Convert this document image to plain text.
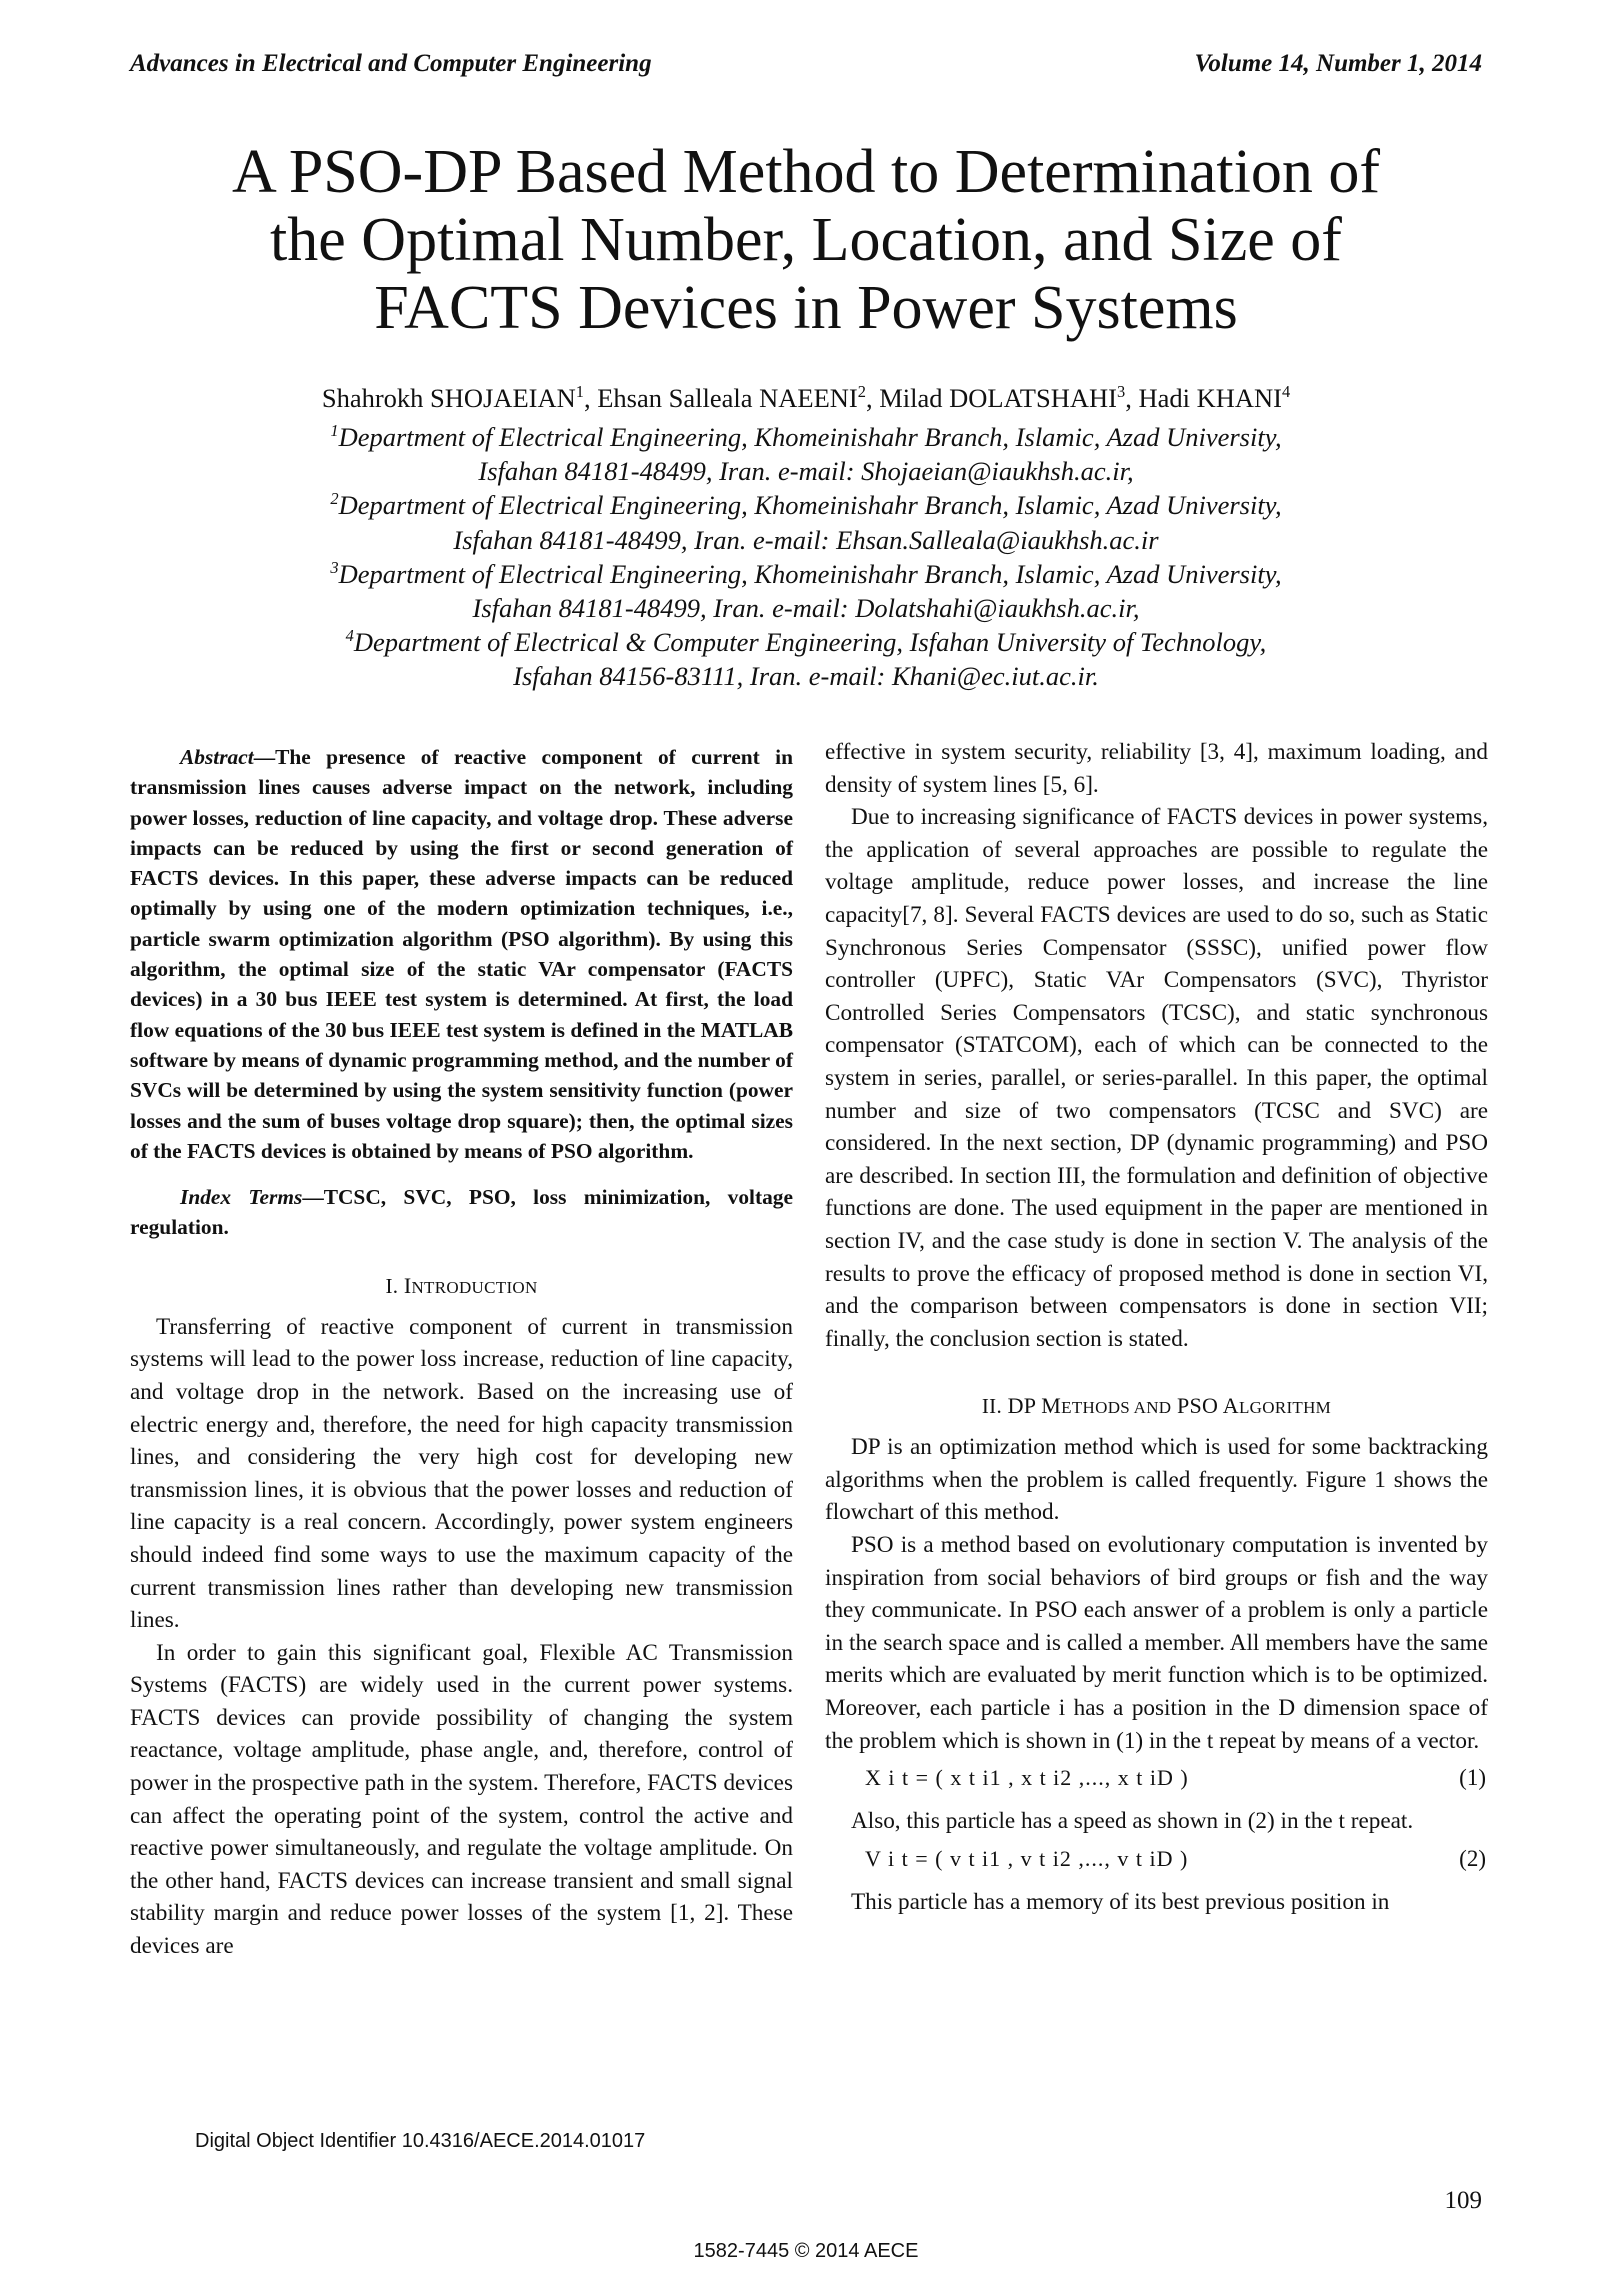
Advances in Electrical and Computer Engineering	Volume 14, Number 1, 2014
A PSO-DP Based Method to Determination of
the Optimal Number, Location, and Size of
FACTS Devices in Power Systems
Shahrokh SHOJAEIAN$^1$, Ehsan Salleala NAEENI$^2$, Milad DOLATSHAHI$^3$, Hadi KHANI$^4$
$^1$Department of Electrical Engineering, Khomeinishahr Branch, Islamic, Azad University,
Isfahan 84181-48499, Iran. e-mail: Shojaeian@iaukhsh.ac.ir,
$^2$Department of Electrical Engineering, Khomeinishahr Branch, Islamic, Azad University,
Isfahan 84181-48499, Iran. e-mail: Ehsan.Salleala@iaukhsh.ac.ir
$^3$Department of Electrical Engineering, Khomeinishahr Branch, Islamic, Azad University,
Isfahan 84181-48499, Iran. e-mail: Dolatshahi@iaukhsh.ac.ir,
$^4$Department of Electrical & Computer Engineering, Isfahan University of Technology,
Isfahan 84156-83111, Iran. e-mail: Khani@ec.iut.ac.ir.

Abstract—The presence of reactive component of current in transmission lines causes adverse impact on the network, including power losses, reduction of line capacity, and voltage drop. These adverse impacts can be reduced by using the first or second generation of FACTS devices. In this paper, these adverse impacts can be reduced optimally by using one of the modern optimization techniques, i.e., particle swarm optimization algorithm (PSO algorithm). By using this algorithm, the optimal size of the static VAr compensator (FACTS devices) in a 30 bus IEEE test system is determined. At first, the load flow equations of the 30 bus IEEE test system is defined in the MATLAB software by means of dynamic programming method, and the number of SVCs will be determined by using the system sensitivity function (power losses and the sum of buses voltage drop square); then, the optimal sizes of the FACTS devices is obtained by means of PSO algorithm.

Index Terms—TCSC, SVC, PSO, loss minimization, voltage regulation.

I. INTRODUCTION

Transferring of reactive component of current in transmission systems will lead to the power loss increase, reduction of line capacity, and voltage drop in the network. Based on the increasing use of electric energy and, therefore, the need for high capacity transmission lines, and considering the very high cost for developing new transmission lines, it is obvious that the power losses and reduction of line capacity is a real concern. Accordingly, power system engineers should indeed find some ways to use the maximum capacity of the current transmission lines rather than developing new transmission lines.

In order to gain this significant goal, Flexible AC Transmission Systems (FACTS) are widely used in the current power systems. FACTS devices can provide possibility of changing the system reactance, voltage amplitude, phase angle, and, therefore, control of power in the prospective path in the system. Therefore, FACTS devices can affect the operating point of the system, control the active and reactive power simultaneously, and regulate the voltage amplitude. On the other hand, FACTS devices can increase transient and small signal stability margin and reduce power losses of the system [1, 2]. These devices are

effective in system security, reliability [3, 4], maximum loading, and density of system lines [5, 6].

Due to increasing significance of FACTS devices in power systems, the application of several approaches are possible to regulate the voltage amplitude, reduce power losses, and increase the line capacity[7, 8]. Several FACTS devices are used to do so, such as Static Synchronous Series Compensator (SSSC), unified power flow controller (UPFC), Static VAr Compensators (SVC), Thyristor Controlled Series Compensators (TCSC), and static synchronous compensator (STATCOM), each of which can be connected to the system in series, parallel, or series-parallel. In this paper, the optimal number and size of two compensators (TCSC and SVC) are considered. In the next section, DP (dynamic programming) and PSO are described. In section III, the formulation and definition of objective functions are done. The used equipment in the paper are mentioned in section IV, and the case study is done in section V. The analysis of the results to prove the efficacy of proposed method is done in section VI, and the comparison between compensators is done in section VII; finally, the conclusion section is stated.

II. DP METHODS AND PSO ALGORITHM

DP is an optimization method which is used for some backtracking algorithms when the problem is called frequently. Figure 1 shows the flowchart of this method.

PSO is a method based on evolutionary computation is invented by inspiration from social behaviors of bird groups or fish and the way they communicate. In PSO each answer of a problem is only a particle in the search space and is called a member. All members have the same merits which are evaluated by merit function which is to be optimized. Moreover, each particle i has a position in the D dimension space of the problem which is shown in (1) in the t repeat by means of a vector.

X i t = ( x t i1 , x t i2 ,..., x t iD )	(1)

Also, this particle has a speed as shown in (2) in the t repeat.

V i t = ( v t i1 , v t i2 ,..., v t iD )	(2)

This particle has a memory of its best previous position in

Digital Object Identifier 10.4316/AECE.2014.01017
109
1582-7445 © 2014 AECE
